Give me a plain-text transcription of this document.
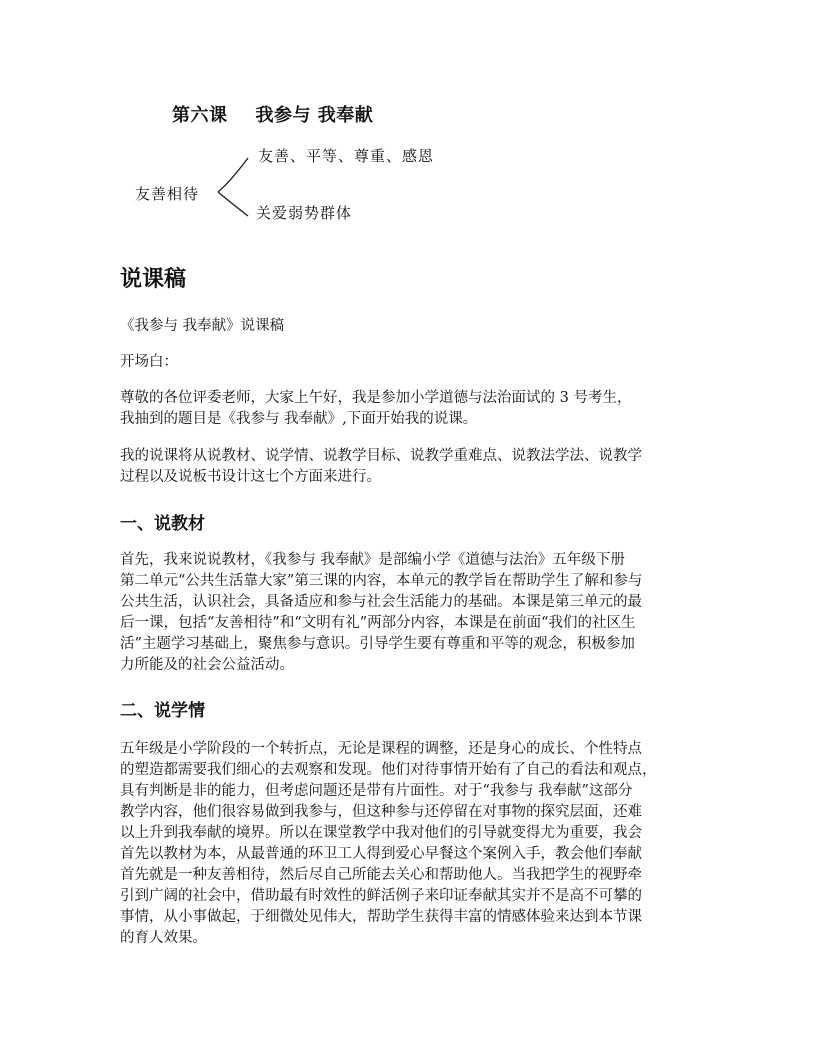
第六课 我参与 我奉献
友善相待
友善、平等、尊重、感恩
关爱弱势群体
说课稿
《我参与 我奉献》说课稿
开场白：
尊敬的各位评委老师，大家上午好，我是参加小学道德与法治面试的 3 号考生，
我抽到的题目是《我参与 我奉献》,下面开始我的说课。
我的说课将从说教材、说学情、说教学目标、说教学重难点、说教法学法、说教学
过程以及说板书设计这七个方面来进行。
一、说教材
首先，我来说说教材，《我参与 我奉献》是部编小学《道德与法治》五年级下册
第二单元“公共生活靠大家”第三课的内容，本单元的教学旨在帮助学生了解和参与
公共生活，认识社会，具备适应和参与社会生活能力的基础。本课是第三单元的最
后一课，包括“友善相待”和“文明有礼”两部分内容，本课是在前面“我们的社区生
活”主题学习基础上，聚焦参与意识。引导学生要有尊重和平等的观念，积极参加
力所能及的社会公益活动。
二、说学情
五年级是小学阶段的一个转折点，无论是课程的调整，还是身心的成长、个性特点
的塑造都需要我们细心的去观察和发现。他们对待事情开始有了自己的看法和观点，
具有判断是非的能力，但考虑问题还是带有片面性。对于“我参与 我奉献”这部分
教学内容，他们很容易做到我参与，但这种参与还停留在对事物的探究层面，还难
以上升到我奉献的境界。所以在课堂教学中我对他们的引导就变得尤为重要，我会
首先以教材为本，从最普通的环卫工人得到爱心早餐这个案例入手，教会他们奉献
首先就是一种友善相待，然后尽自己所能去关心和帮助他人。当我把学生的视野牵
引到广阔的社会中，借助最有时效性的鲜活例子来印证奉献其实并不是高不可攀的
事情，从小事做起，于细微处见伟大，帮助学生获得丰富的情感体验来达到本节课
的育人效果。
